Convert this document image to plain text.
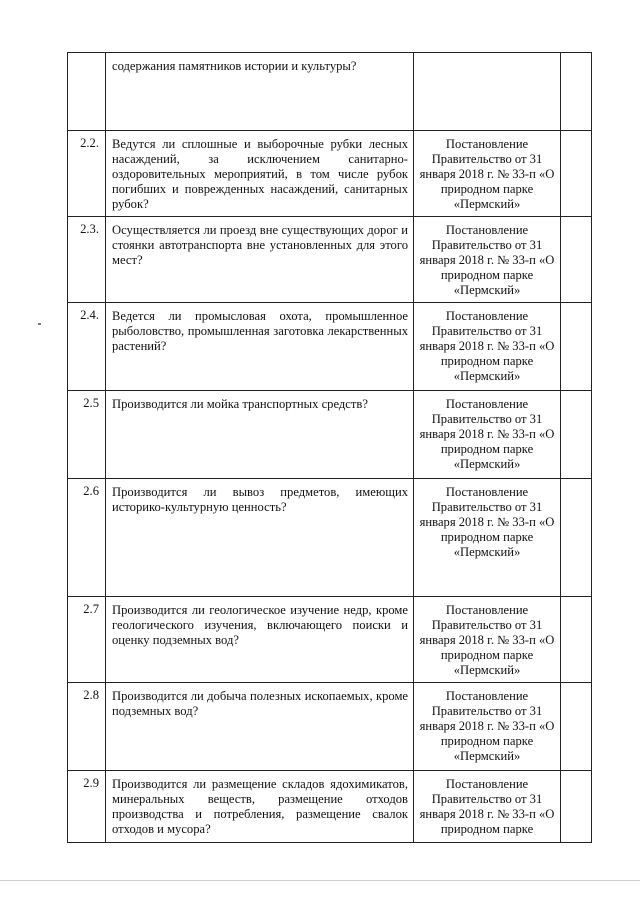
	содержания памятников истории и культуры?		
2.2.	Ведутся ли сплошные и выборочные рубки лесных насаждений, за исключением санитарно-оздоровительных мероприятий, в том числе рубок погибших и поврежденных насаждений, санитарных рубок?	Постановление Правительство от 31 января 2018 г. № 33-п «О природном парке «Пермский»	
2.3.	Осуществляется ли проезд вне существующих дорог и стоянки автотранспорта вне установленных для этого мест?	Постановление Правительство от 31 января 2018 г. № 33-п «О природном парке «Пермский»	
2.4.	Ведется ли промысловая охота, промышленное рыболовство, промышленная заготовка лекарственных растений?	Постановление Правительство от 31 января 2018 г. № 33-п «О природном парке «Пермский»	
2.5	Производится ли мойка транспортных средств?	Постановление Правительство от 31 января 2018 г. № 33-п «О природном парке «Пермский»	
2.6	Производится ли вывоз предметов, имеющих историко-культурную ценность?	Постановление Правительство от 31 января 2018 г. № 33-п «О природном парке «Пермский»	
2.7	Производится ли геологическое изучение недр, кроме геологического изучения, включающего поиски и оценку подземных вод?	Постановление Правительство от 31 января 2018 г. № 33-п «О природном парке «Пермский»	
2.8	Производится ли добыча полезных ископаемых, кроме подземных вод?	Постановление Правительство от 31 января 2018 г. № 33-п «О природном парке «Пермский»	
2.9	Производится ли размещение складов ядохимикатов, минеральных веществ, размещение отходов производства и потребления, размещение свалок отходов и мусора?	Постановление Правительство от 31 января 2018 г. № 33-п «О природном парке	
